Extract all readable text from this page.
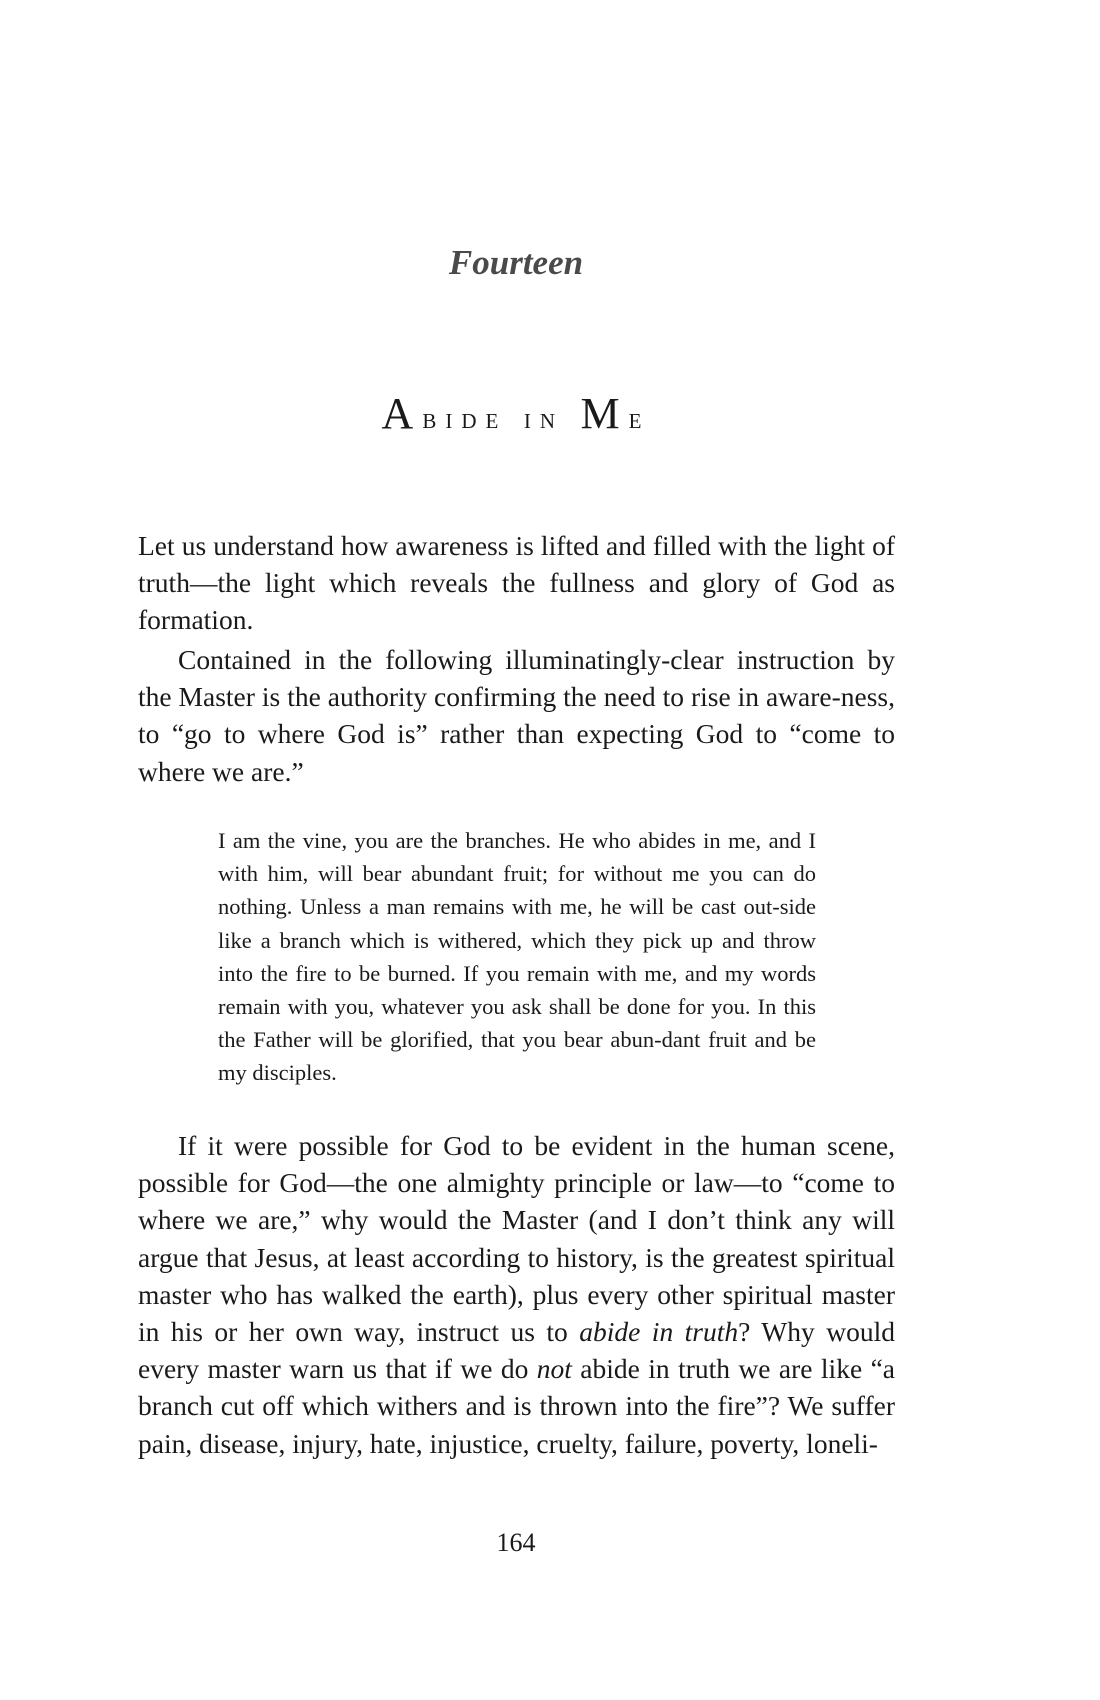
Fourteen
Abide in Me

Let us understand how awareness is lifted and filled with the light of truth—the light which reveals the fullness and glory of God as formation.

Contained in the following illuminatingly-clear instruction by the Master is the authority confirming the need to rise in aware-ness, to “go to where God is” rather than expecting God to “come to where we are.”

I am the vine, you are the branches. He who abides in me, and I with him, will bear abundant fruit; for without me you can do nothing. Unless a man remains with me, he will be cast out-side like a branch which is withered, which they pick up and throw into the fire to be burned. If you remain with me, and my words remain with you, whatever you ask shall be done for you. In this the Father will be glorified, that you bear abun-dant fruit and be my disciples.

If it were possible for God to be evident in the human scene, possible for God—the one almighty principle or law—to “come to where we are,” why would the Master (and I don’t think any will argue that Jesus, at least according to history, is the greatest spiritual master who has walked the earth), plus every other spiritual master in his or her own way, instruct us to abide in truth? Why would every master warn us that if we do not abide in truth we are like “a branch cut off which withers and is thrown into the fire”? We suffer pain, disease, injury, hate, injustice, cruelty, failure, poverty, loneli-

164
